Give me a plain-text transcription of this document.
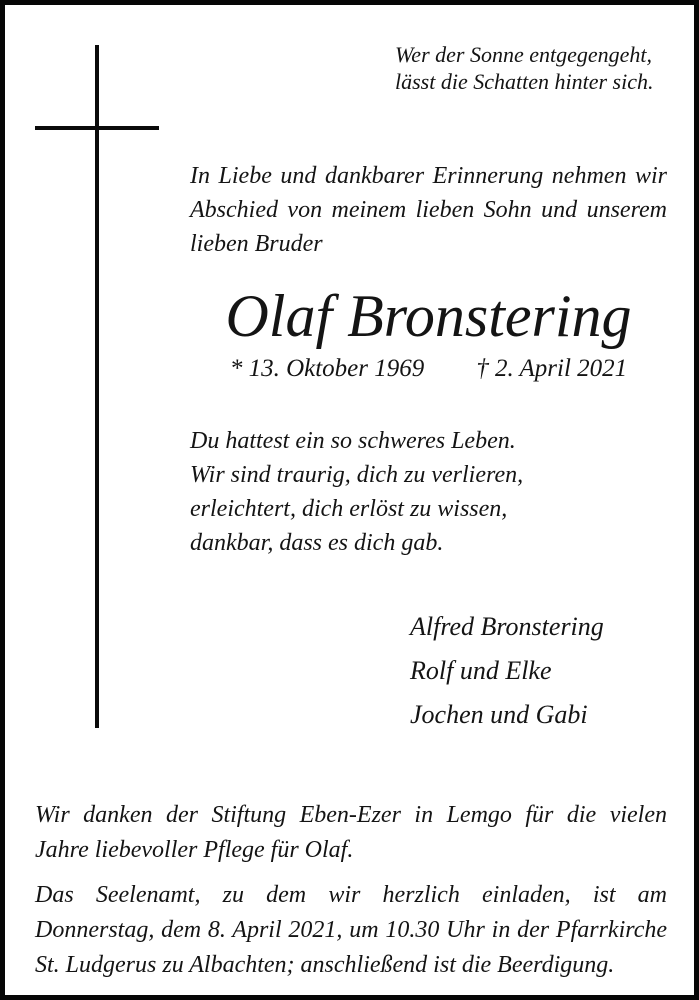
Wer der Sonne entgegengeht,
lässt die Schatten hinter sich.
In Liebe und dankbarer Erinnerung nehmen wir
Abschied von meinem lieben Sohn und unserem
lieben Bruder
Olaf Bronstering
* 13. Oktober 1969 † 2. April 2021
Du hattest ein so schweres Leben.
Wir sind traurig, dich zu verlieren,
erleichtert, dich erlöst zu wissen,
dankbar, dass es dich gab.
Alfred Bronstering
Rolf und Elke
Jochen und Gabi
Wir danken der Stiftung Eben-Ezer in Lemgo für die vielen
Jahre liebevoller Pflege für Olaf.
Das Seelenamt, zu dem wir herzlich einladen, ist am
Donnerstag, dem 8. April 2021, um 10.30 Uhr in der Pfarrkirche
St. Ludgerus zu Albachten; anschließend ist die Beerdigung.
